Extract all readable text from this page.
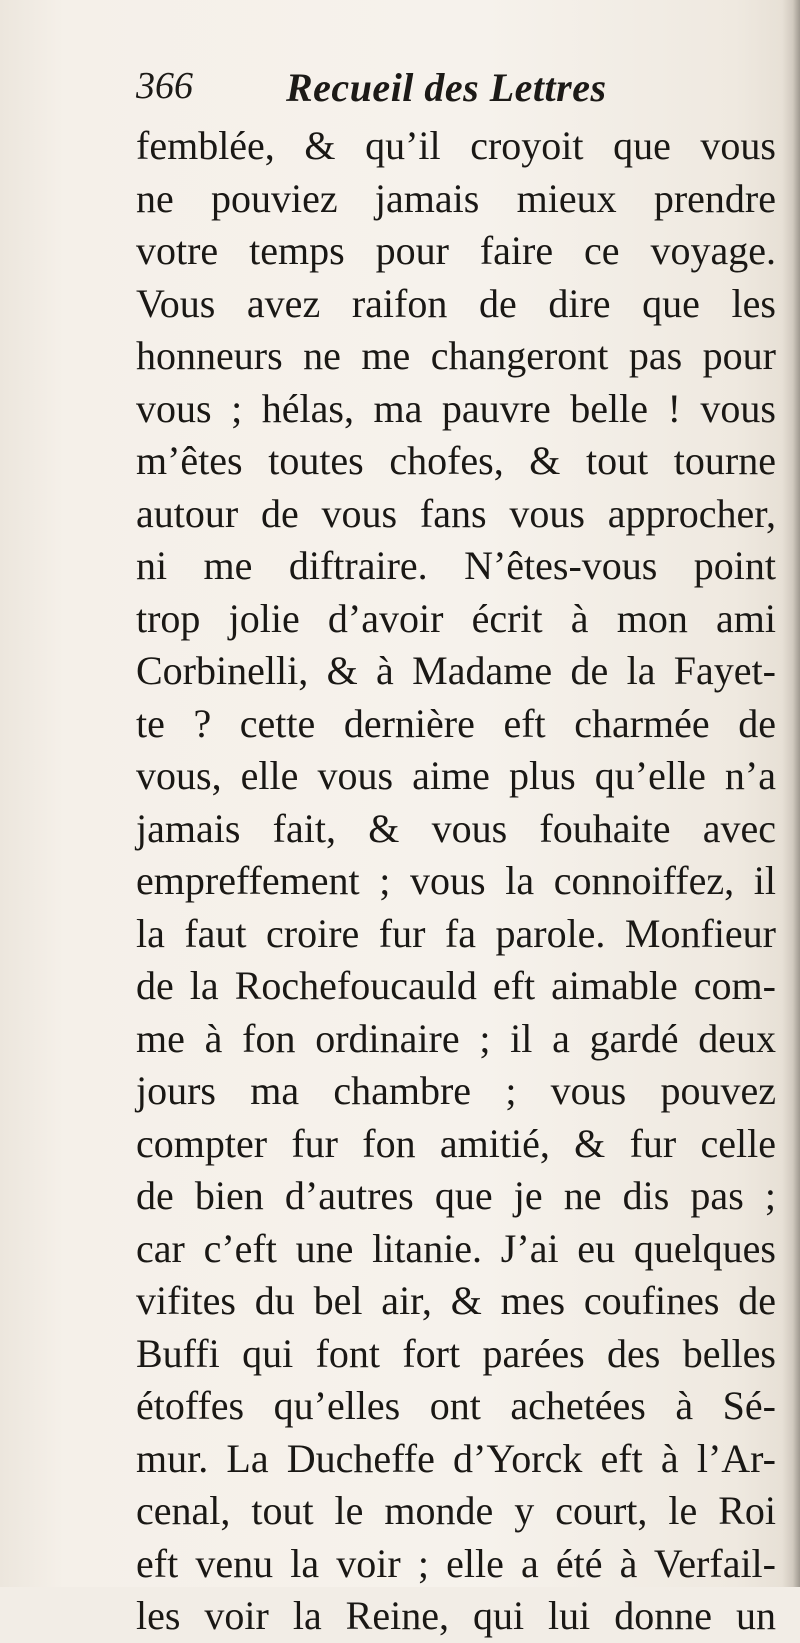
366 Recueil des Lettres
femblée, & qu’il croyoit que vous
ne pouviez jamais mieux prendre
votre temps pour faire ce voyage.
Vous avez raifon de dire que les
honneurs ne me changeront pas pour
vous ; hélas, ma pauvre belle ! vous
m’êtes toutes chofes, & tout tourne
autour de vous fans vous approcher,
ni me diftraire. N’êtes-vous point
trop jolie d’avoir écrit à mon ami
Corbinelli, & à Madame de la Fayet-
te ? cette dernière eft charmée de
vous, elle vous aime plus qu’elle n’a
jamais fait, & vous fouhaite avec
empreffement ; vous la connoiffez, il
la faut croire fur fa parole. Monfieur
de la Rochefoucauld eft aimable com-
me à fon ordinaire ; il a gardé deux
jours ma chambre ; vous pouvez
compter fur fon amitié, & fur celle
de bien d’autres que je ne dis pas ;
car c’eft une litanie. J’ai eu quelques
vifites du bel air, & mes coufines de
Buffi qui font fort parées des belles
étoffes qu’elles ont achetées à Sé-
mur. La Ducheffe d’Yorck eft à l’Ar-
cenal, tout le monde y court, le Roi
eft venu la voir ; elle a été à Verfail-
les voir la Reine, qui lui donne un
